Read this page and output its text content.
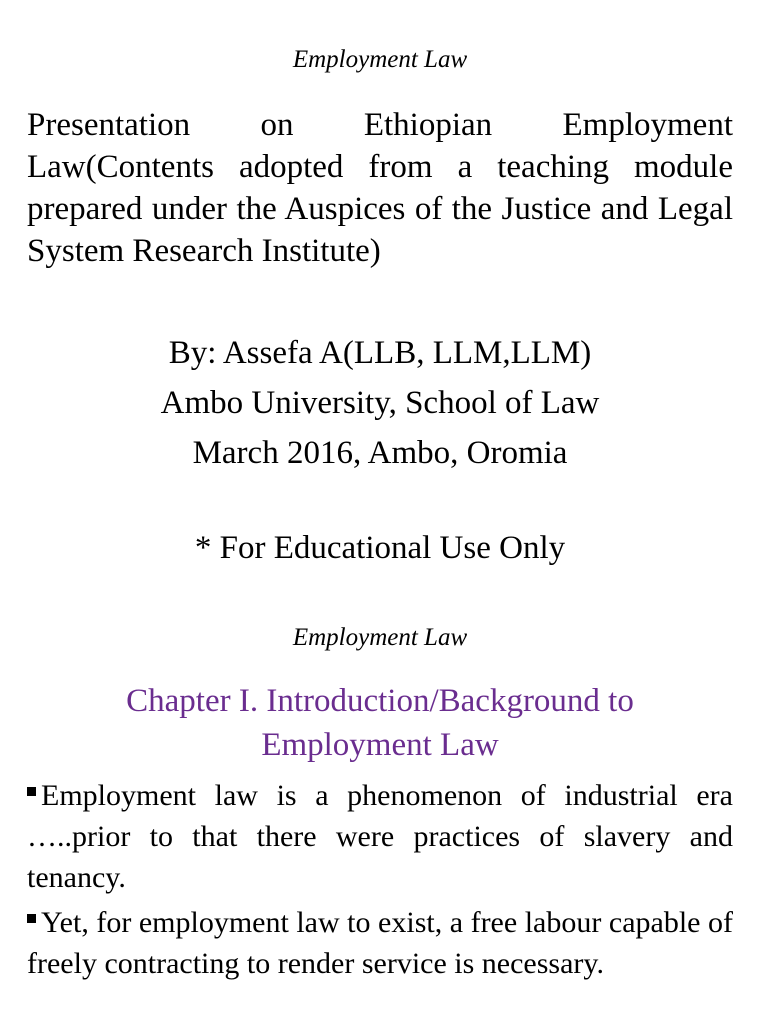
Employment Law

Presentation on Ethiopian Employment Law(Contents adopted from a teaching module prepared under the Auspices of the Justice and Legal System Research Institute)

By: Assefa A(LLB, LLM,LLM)
Ambo University, School of Law
March 2016, Ambo, Oromia
* For Educational Use Only
Employment Law
Chapter I. Introduction/Background to
Employment Law

Employment law is a phenomenon of industrial era …..prior to that there were practices of slavery and tenancy.

Yet, for employment law to exist, a free labour capable of freely contracting to render service is necessary.
